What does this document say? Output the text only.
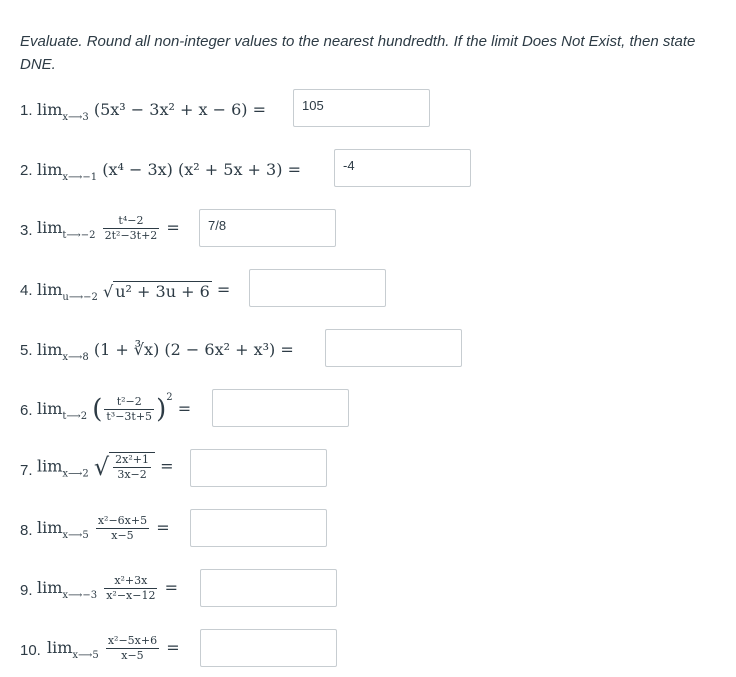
Evaluate. Round all non-integer values to the nearest hundredth. If the limit Does Not Exist, then state DNE.
1. $\lim_{x⟶3} (5x^3 - 3x^2 + x - 6)$ =	105
2. $\lim_{x⟶-1} (x^4 - 3x) (x^2 + 5x + 3)$ =	-4
3. $\lim_{t⟶-2} \frac{\text{t⁴−2}}{\text{2t²−3t+2}}$ =	7/8
4. $\lim_{u⟶-2}$ √ u² + 3u + 6 =
5. $\lim_{x⟶8} (1$ + ∛x) (2 − 6x² + x³) =
6. $\lim_{t⟶2}$ ( $\frac{\text{t²−2}}{\text{t³−3t+5}} )^2$ =
7. $\lim_{x⟶2}$ √ $\frac{\text{2x²+1}}{3x-2}$ =
8. $\lim_{x⟶5} \frac{\text{x²−6x+5}}{x-5}$ =
9. $\lim_{x⟶-3} \frac{\text{x²+3x}}{\text{x²−x−12}}$ =
10. $\lim_{x⟶5} \frac{\text{x²−5x+6}}{x-5}$ =
